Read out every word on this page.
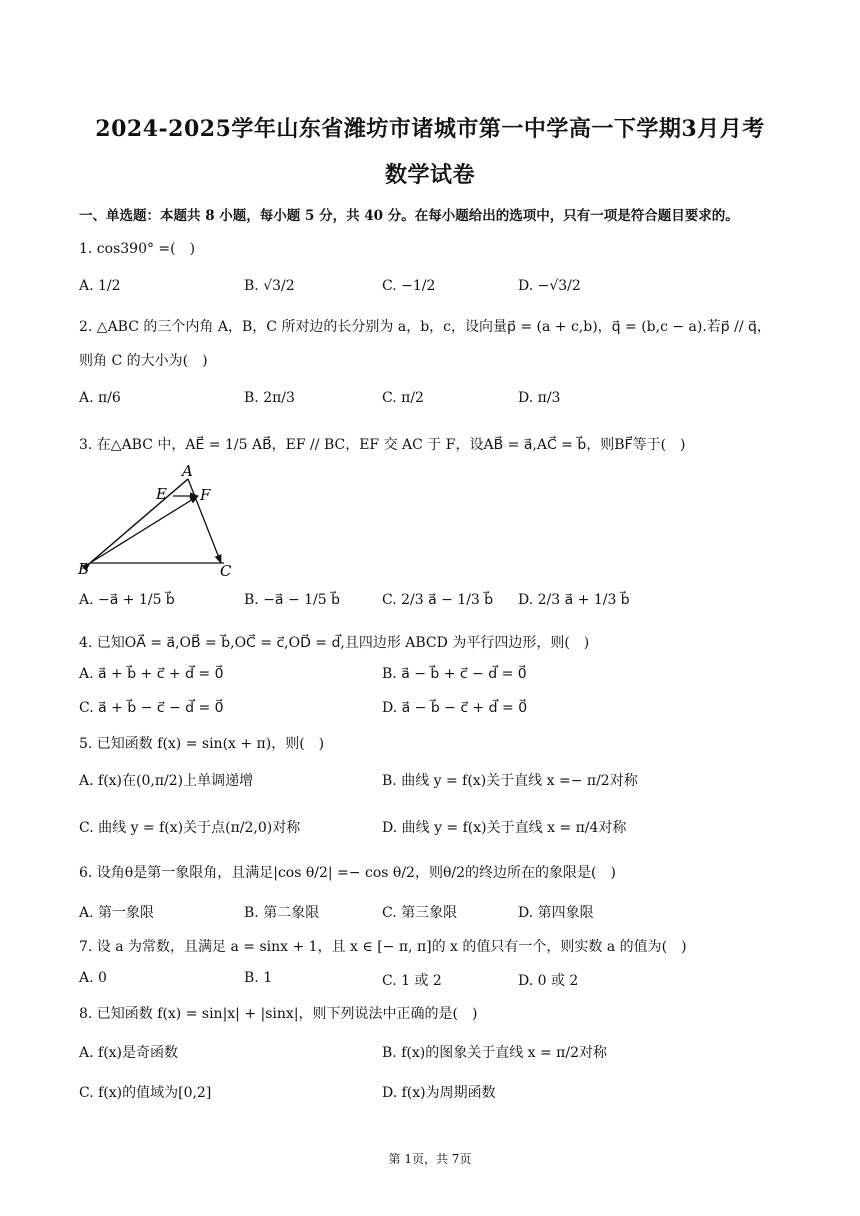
2024-2025学年山东省潍坊市诸城市第一中学高一下学期3月月考
数学试卷
一、单选题：本题共 8 小题，每小题 5 分，共 40 分。在每小题给出的选项中，只有一项是符合题目要求的。
1. cos390° =(　)
A. 1/2	B. √3/2	C. −1/2	D. −√3/2
2. △ABC 的三个内角 A，B，C 所对边的长分别为 a，b，c，设向量p⃗ = (a + c,b)，q⃗ = (b,c − a).若p⃗ // q⃗，
则角 C 的大小为(　)
A. π/6	B. 2π/3	C. π/2	D. π/3
3. 在△ABC 中，AE⃗ = 1/5 AB⃗，EF // BC，EF 交 AC 于 F，设AB⃗ = a⃗,AC⃗ = b⃗，则BF⃗等于(　)
A
E F
B	C
A. −a⃗ + 1/5 b⃗	B. −a⃗ − 1/5 b⃗	C. 2/3 a⃗ − 1/3 b⃗ D. 2/3 a⃗ + 1/3 b⃗
4. 已知OA⃗ = a⃗,OB⃗ = b⃗,OC⃗ = c⃗,OD⃗ = d⃗,且四边形 ABCD 为平行四边形，则(　)
A. a⃗ + b⃗ + c⃗ + d⃗ = 0⃗	B. a⃗ − b⃗ + c⃗ − d⃗ = 0⃗
C. a⃗ + b⃗ − c⃗ − d⃗ = 0⃗	D. a⃗ − b⃗ − c⃗ + d⃗ = 0⃗
5. 已知函数 f(x) = sin(x + π)，则(　)
A. f(x)在(0,π/2)上单调递增	B. 曲线 y = f(x)关于直线 x =− π/2对称
C. 曲线 y = f(x)关于点(π/2,0)对称	D. 曲线 y = f(x)关于直线 x = π/4对称
6. 设角θ是第一象限角，且满足|cos θ/2| =− cos θ/2，则θ/2的终边所在的象限是(　)
A. 第一象限	B. 第二象限	C. 第三象限	D. 第四象限
7. 设 a 为常数，且满足 a = sinx + 1，且 x ∈ [− π, π]的 x 的值只有一个，则实数 a 的值为(　)
A. 0	B. 1	C. 1 或 2	D. 0 或 2
8. 已知函数 f(x) = sin|x| + |sinx|，则下列说法中正确的是(　)
A. f(x)是奇函数	B. f(x)的图象关于直线 x = π/2对称
C. f(x)的值域为[0,2]	D. f(x)为周期函数
第 1页，共 7页
